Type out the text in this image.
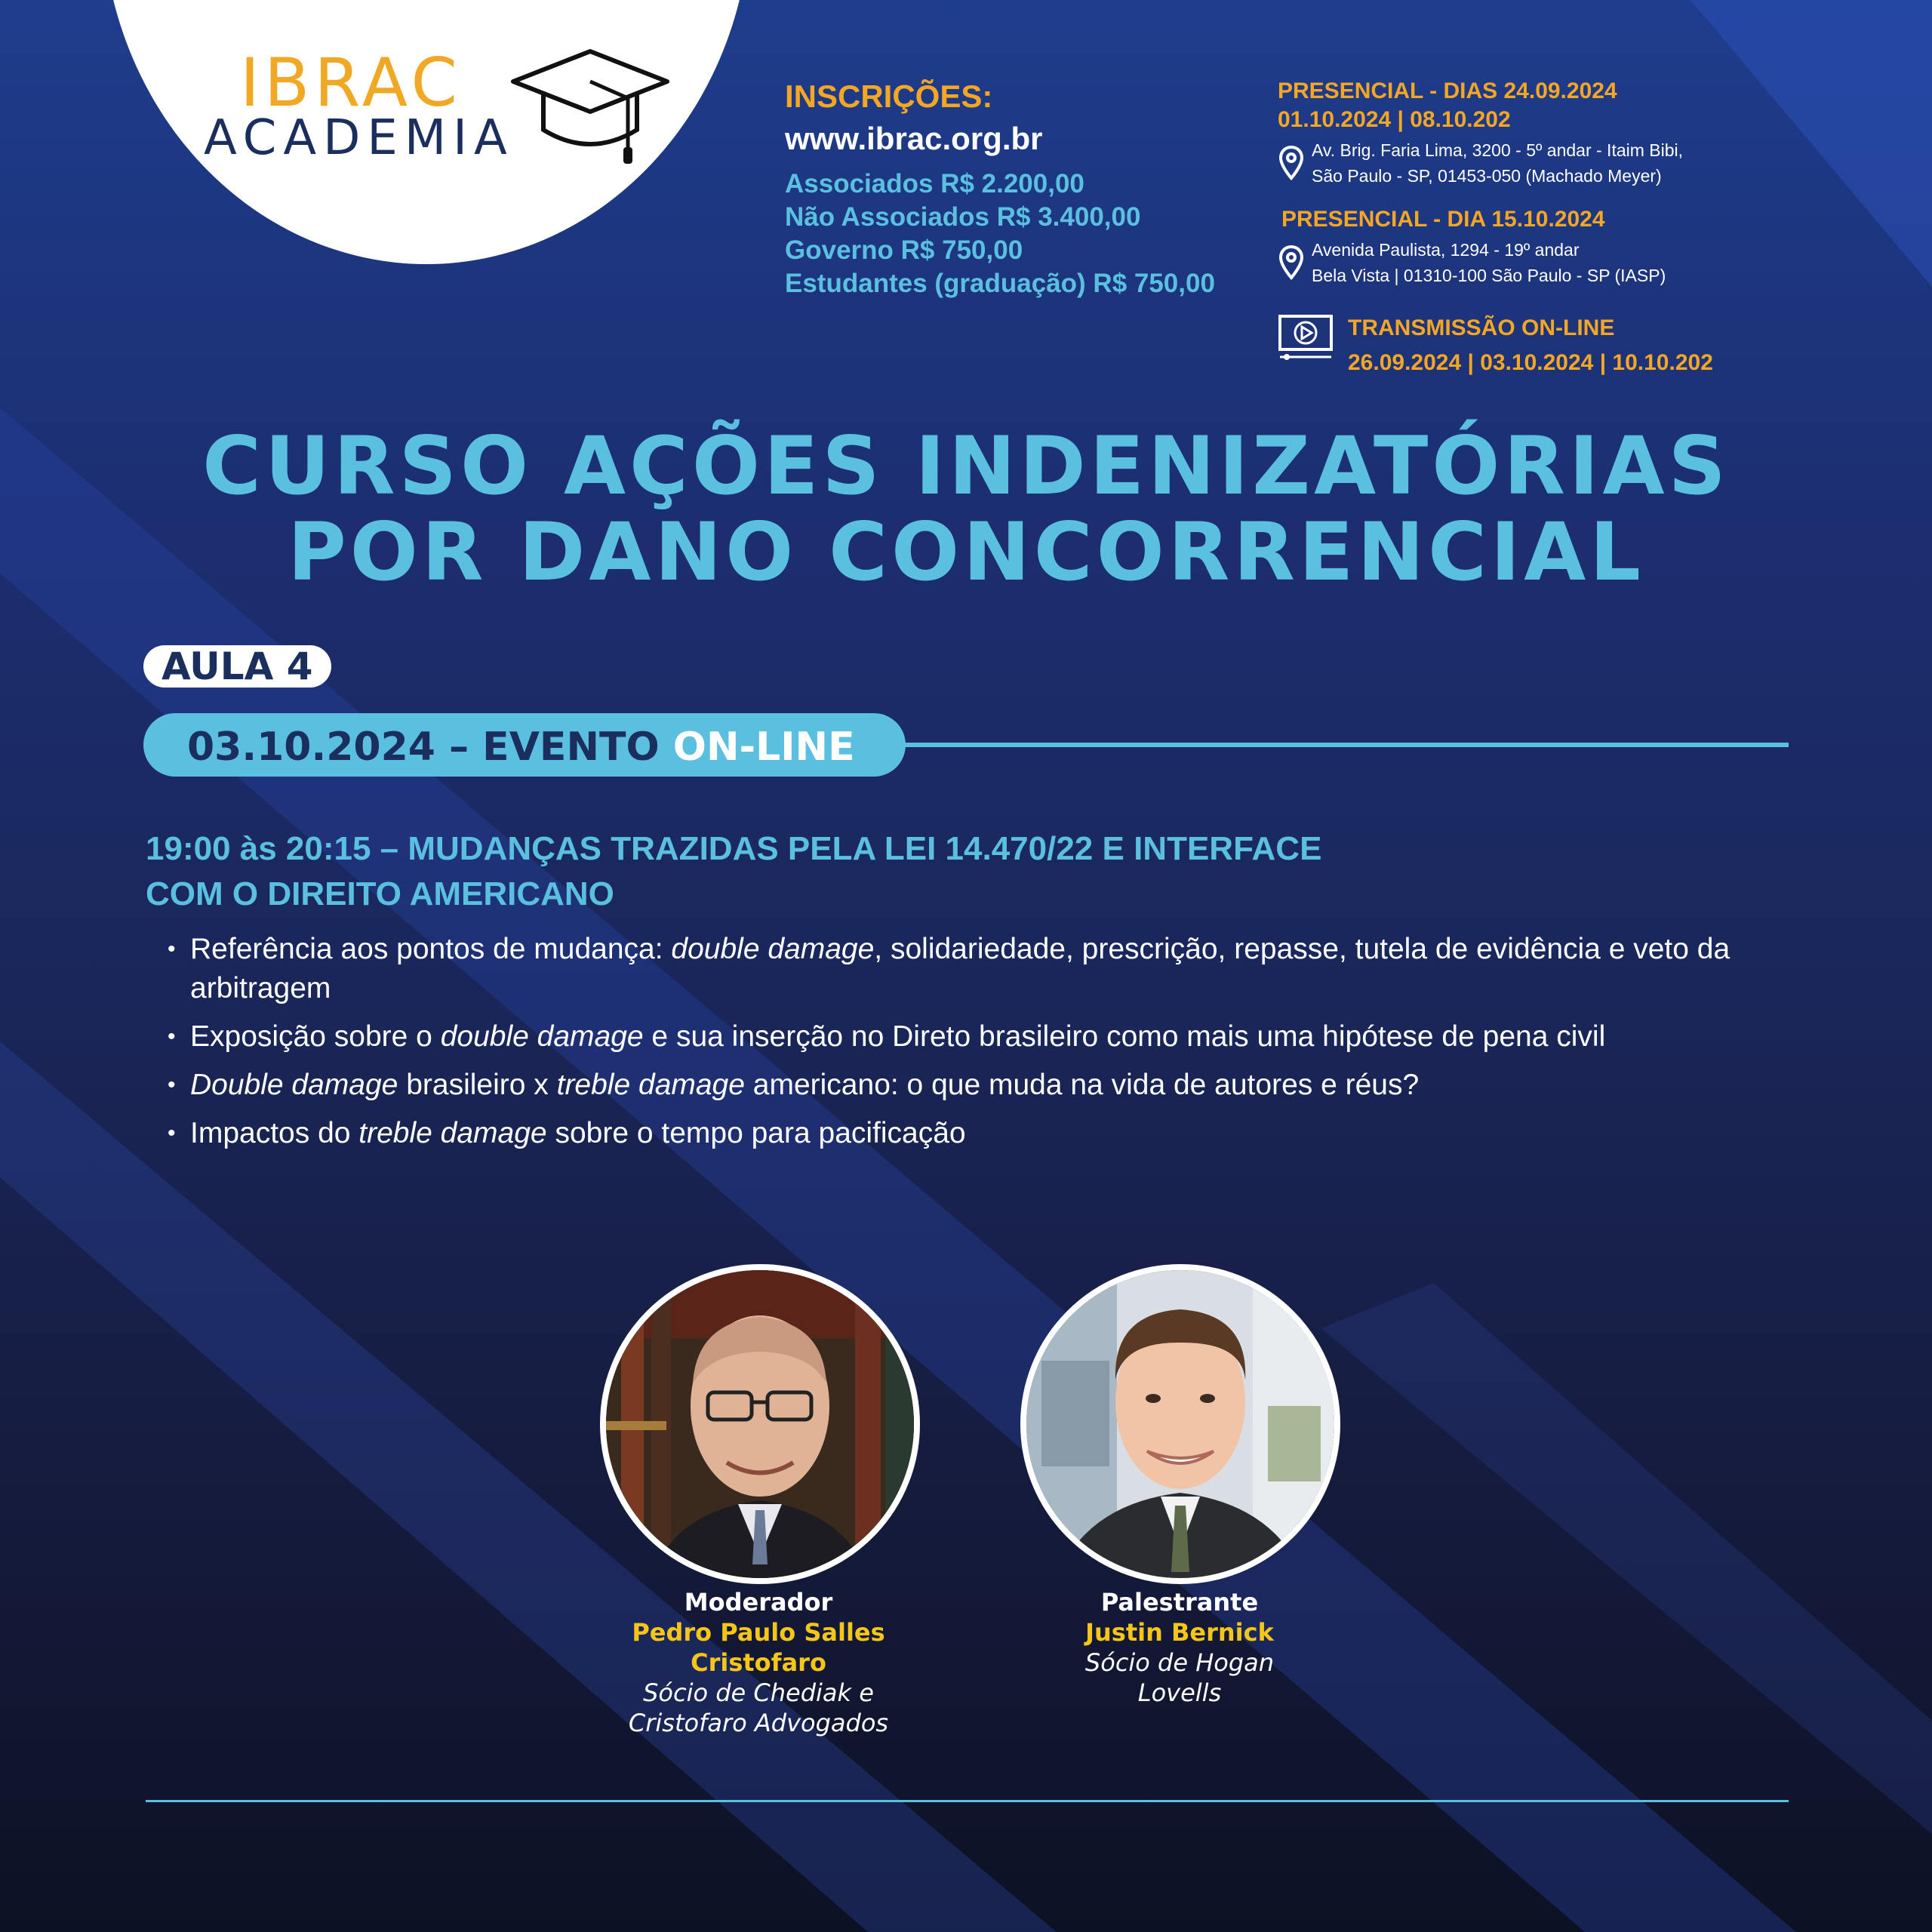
IBRAC
ACADEMIA
INSCRIÇÕES:
www.ibrac.org.br
Associados R$ 2.200,00
Não Associados R$ 3.400,00
Governo R$ 750,00
Estudantes (graduação) R$ 750,00
PRESENCIAL - DIAS 24.09.2024
01.10.2024 | 08.10.202
Av. Brig. Faria Lima, 3200 - 5º andar - Itaim Bibi,
São Paulo - SP, 01453-050 (Machado Meyer)
PRESENCIAL - DIA 15.10.2024
Avenida Paulista, 1294 - 19º andar
Bela Vista | 01310-100 São Paulo - SP (IASP)
TRANSMISSÃO ON-LINE
26.09.2024 | 03.10.2024 | 10.10.202
CURSO AÇÕES INDENIZATÓRIAS
POR DANO CONCORRENCIAL
AULA 4
03.10.2024 – EVENTO ON-LINE
19:00 às 20:15 – MUDANÇAS TRAZIDAS PELA LEI 14.470/22 E INTERFACE
COM O DIREITO AMERICANO
• Referência aos pontos de mudança: double damage, solidariedade, prescrição, repasse, tutela de evidência e veto da arbitragem
• Exposição sobre o double damage e sua inserção no Direto brasileiro como mais uma hipótese de pena civil
• Double damage brasileiro x treble damage americano: o que muda na vida de autores e réus?
• Impactos do treble damage sobre o tempo para pacificação
Moderador
Pedro Paulo Salles
Cristofaro
Sócio de Chediak e
Cristofaro Advogados
Palestrante
Justin Bernick
Sócio de Hogan
Lovells
